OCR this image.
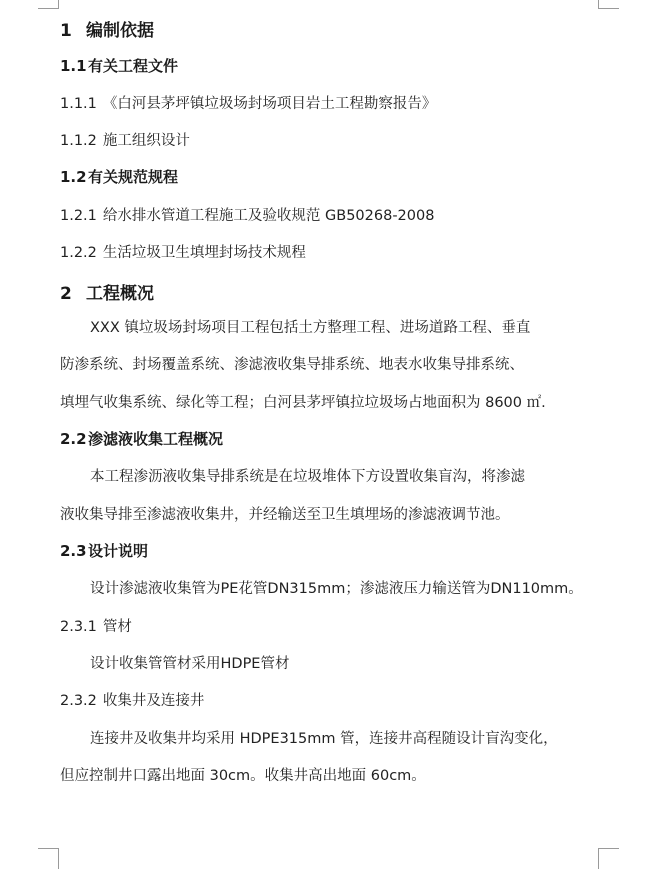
1 编制依据
1.1有关工程文件
1.1.1 《白河县茅坪镇垃圾场封场项目岩土工程勘察报告》
1.1.2 施工组织设计
1.2有关规范规程
1.2.1 给水排水管道工程施工及验收规范 GB50268-2008
1.2.2 生活垃圾卫生填埋封场技术规程
2 工程概况
XXX 镇垃圾场封场项目工程包括土方整理工程、进场道路工程、垂直
防渗系统、封场覆盖系统、渗滤液收集导排系统、地表水收集导排系统、
填埋气收集系统、绿化等工程；白河县茅坪镇拉垃圾场占地面积为 8600 ㎡.
2.2渗滤液收集工程概况
本工程渗沥液收集导排系统是在垃圾堆体下方设置收集盲沟，将渗滤
液收集导排至渗滤液收集井，并经输送至卫生填埋场的渗滤液调节池。
2.3设计说明
设计渗滤液收集管为PE花管DN315mm；渗滤液压力输送管为DN110mm。
2.3.1 管材
设计收集管管材采用HDPE管材
2.3.2 收集井及连接井
连接井及收集井均采用 HDPE315mm 管，连接井高程随设计盲沟变化，
但应控制井口露出地面 30cm。收集井高出地面 60cm。
